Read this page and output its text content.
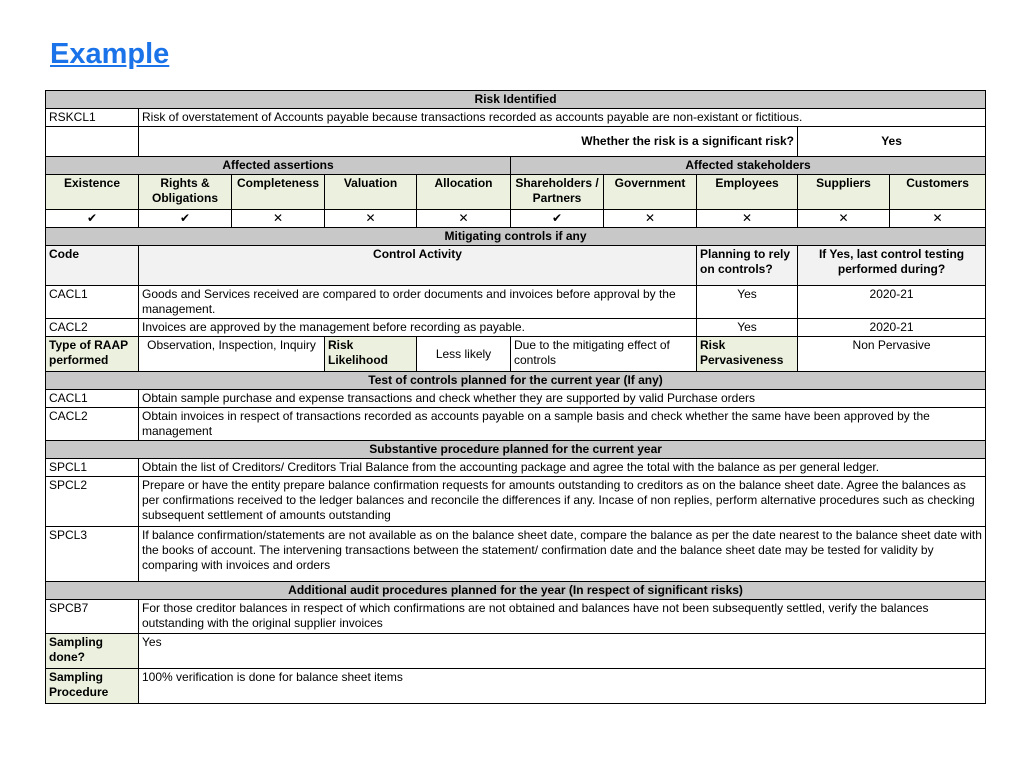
Example
Risk Identified									
RSKCL1	Risk of overstatement of Accounts payable because transactions recorded as accounts payable are non-existant or fictitious.								
	Whether the risk is a significant risk?							Yes	
Affected assertions					Affected stakeholders				
Existence	Rights & Obligations	Completeness	Valuation	Allocation	Shareholders / Partners	Government	Employees	Suppliers	Customers
✔	✔	✕	✕	✕	✔	✕	✕	✕	✕
Mitigating controls if any									
Code	Control Activity						Planning to rely on controls?	If Yes, last control testing performed during?	
CACL1	Goods and Services received are compared to order documents and invoices before approval by the management.						Yes	2020-21	
CACL2	Invoices are approved by the management before recording as payable.						Yes	2020-21	
Type of RAAP performed	Observation, Inspection, Inquiry		Risk Likelihood	Less likely	Due to the mitigating effect of controls		Risk Pervasiveness	Non Pervasive	
Test of controls planned for the current year (If any)									
CACL1	Obtain sample purchase and expense transactions and check whether they are supported by valid Purchase orders								
CACL2	Obtain invoices in respect of transactions recorded as accounts payable on a sample basis and check whether the same have been approved by the management								
Substantive procedure planned for the current year									
SPCL1	Obtain the list of Creditors/ Creditors Trial Balance from the accounting package and agree the total with the balance as per general ledger.								
SPCL2	Prepare or have the entity prepare balance confirmation requests for amounts outstanding to creditors as on the balance sheet date. Agree the balances as per confirmations received to the ledger balances and reconcile the differences if any. Incase of non replies, perform alternative procedures such as checking subsequent settlement of amounts outstanding								
SPCL3	If balance confirmation/statements are not available as on the balance sheet date, compare the balance as per the date nearest to the balance sheet date with the books of account. The intervening transactions between the statement/ confirmation date and the balance sheet date may be tested for validity by comparing with invoices and orders								
Additional audit procedures planned for the year (In respect of significant risks)									
SPCB7	For those creditor balances in respect of which confirmations are not obtained and balances have not been subsequently settled, verify the balances outstanding with the original supplier invoices								
Sampling done?	Yes								
Sampling Procedure	100% verification is done for balance sheet items								
